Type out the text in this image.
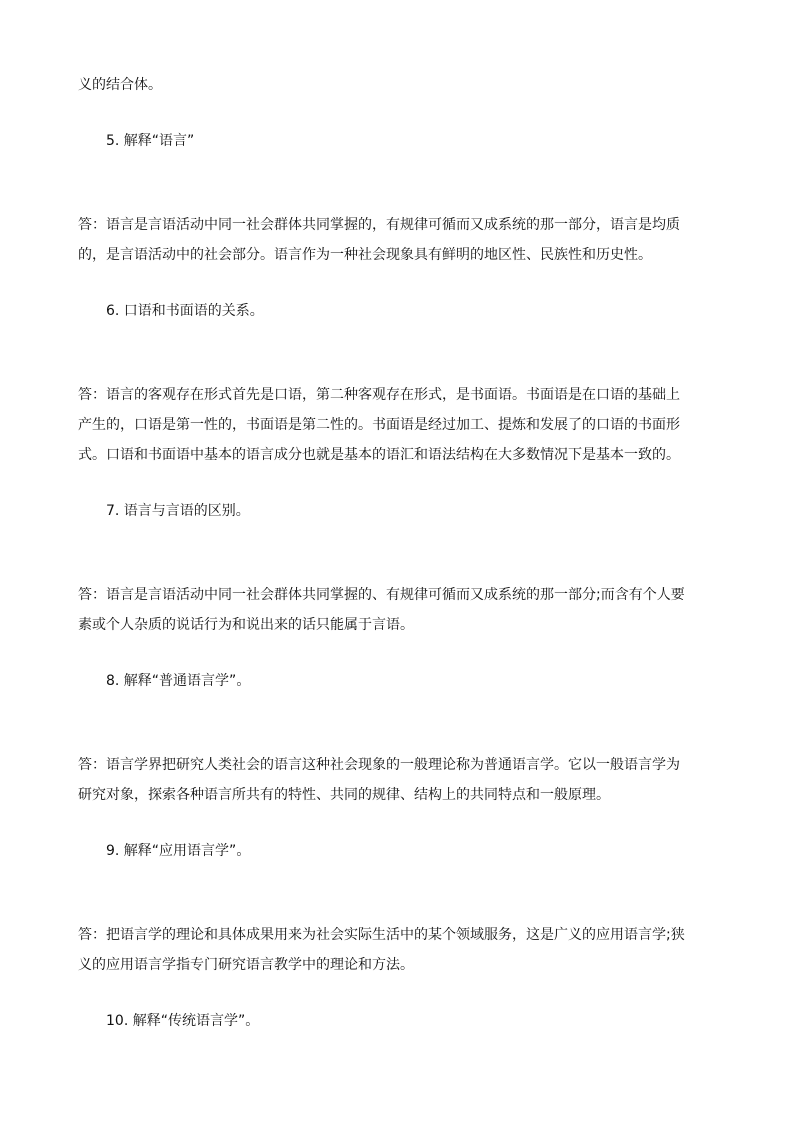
义的结合体。

5. 解释“语言”

答：语言是言语活动中同一社会群体共同掌握的，有规律可循而又成系统的那一部分，语言是均质

的，是言语活动中的社会部分。语言作为一种社会现象具有鲜明的地区性、民族性和历史性。

6. 口语和书面语的关系。

答：语言的客观存在形式首先是口语，第二种客观存在形式，是书面语。书面语是在口语的基础上

产生的，口语是第一性的，书面语是第二性的。书面语是经过加工、提炼和发展了的口语的书面形

式。口语和书面语中基本的语言成分也就是基本的语汇和语法结构在大多数情况下是基本一致的。

7. 语言与言语的区别。

答：语言是言语活动中同一社会群体共同掌握的、有规律可循而又成系统的那一部分;而含有个人要

素或个人杂质的说话行为和说出来的话只能属于言语。

8. 解释“普通语言学”。

答：语言学界把研究人类社会的语言这种社会现象的一般理论称为普通语言学。它以一般语言学为

研究对象，探索各种语言所共有的特性、共同的规律、结构上的共同特点和一般原理。

9. 解释“应用语言学”。

答：把语言学的理论和具体成果用来为社会实际生活中的某个领域服务，这是广义的应用语言学;狭

义的应用语言学指专门研究语言教学中的理论和方法。

10. 解释“传统语言学”。
